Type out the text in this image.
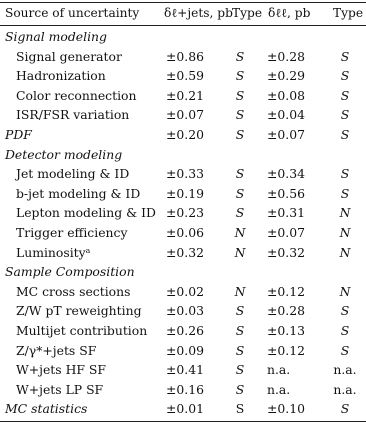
Source of uncertainty δℓ+jets, pb Type δℓℓ, pb Type
Signal modeling
Signal generator	±0.86	S	±0.28	S
Hadronization	±0.59	S	±0.29	S
Color reconnection ±0.21	S	±0.08	S
ISR/FSR variation	±0.07	S	±0.04	S
PDF	±0.20	S	±0.07	S
Detector modeling
Jet modeling & ID	±0.33	S	±0.34	S
b-jet modeling & ID ±0.19	S	±0.56	S
Lepton modeling & ID ±0.23	S	±0.31	N
Trigger efficiency	±0.06	N	±0.07	N
Luminosityᵃ	±0.32	N	±0.32	N
Sample Composition
MC cross sections	±0.02	N	±0.12	N
Z/W pT reweighting ±0.03	S	±0.28	S
Multijet contribution ±0.26	S	±0.13	S
Z/γ*+jets SF	±0.09	S	±0.12	S
W+jets HF SF	±0.41	S	n.a.	n.a.
W+jets LP SF	±0.16	S	n.a.	n.a.
MC statistics	±0.01	S	±0.10	S
